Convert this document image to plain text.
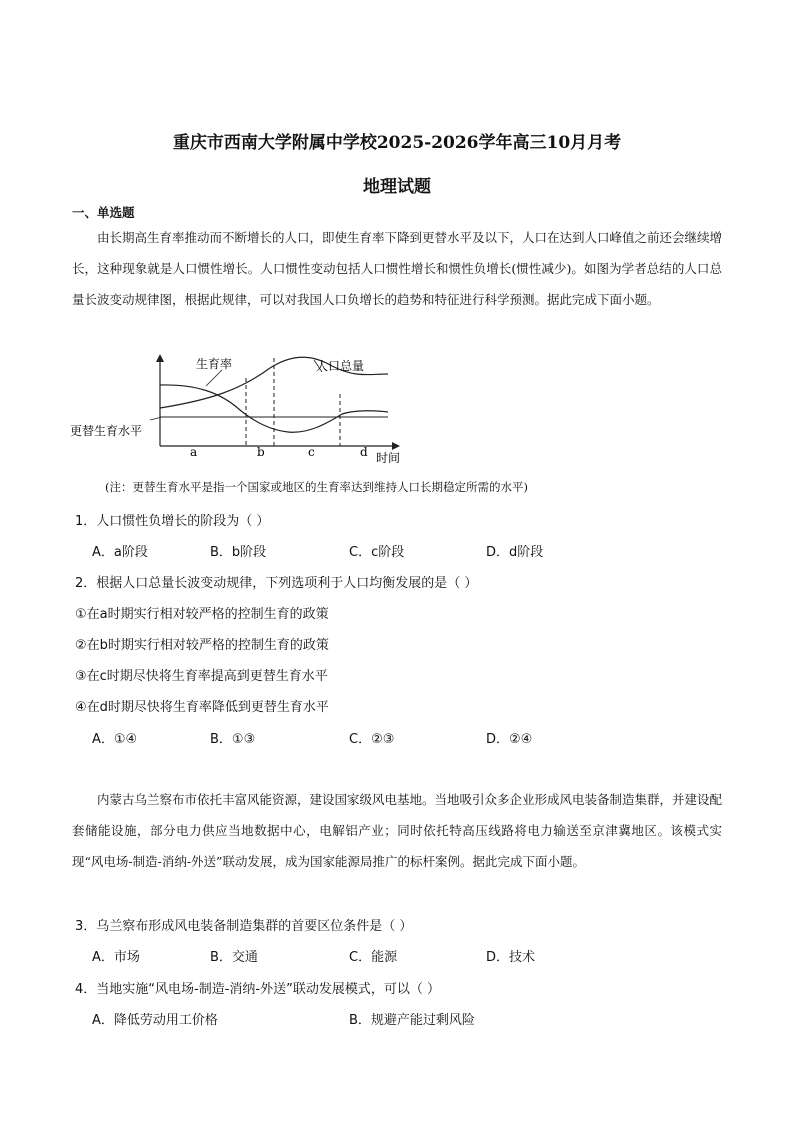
重庆市西南大学附属中学校2025-2026学年高三10月月考
地理试题
一、单选题
由长期高生育率推动而不断增长的人口，即使生育率下降到更替水平及以下，人口在达到人口峰值之前还会继续增长，这种现象就是人口惯性增长。人口惯性变动包括人口惯性增长和惯性负增长(惯性减少)。如图为学者总结的人口总量长波变动规律图，根据此规律，可以对我国人口负增长的趋势和特征进行科学预测。据此完成下面小题。
生育率	人口总量
更替生育水平
a	b	c	d 时间
(注：更替生育水平是指一个国家或地区的生育率达到维持人口长期稳定所需的水平)
1．人口惯性负增长的阶段为（ ）
A．a阶段	B．b阶段	C．c阶段	D．d阶段
2．根据人口总量长波变动规律，下列选项利于人口均衡发展的是（ ）
①在a时期实行相对较严格的控制生育的政策
②在b时期实行相对较严格的控制生育的政策
③在c时期尽快将生育率提高到更替生育水平
④在d时期尽快将生育率降低到更替生育水平
A．①④	B．①③	C．②③	D．②④
内蒙古乌兰察布市依托丰富风能资源，建设国家级风电基地。当地吸引众多企业形成风电装备制造集群，并建设配套储能设施，部分电力供应当地数据中心，电解铝产业；同时依托特高压线路将电力输送至京津冀地区。该模式实现“风电场-制造-消纳-外送”联动发展，成为国家能源局推广的标杆案例。据此完成下面小题。
3．乌兰察布形成风电装备制造集群的首要区位条件是（ ）
A．市场	B．交通	C．能源	D．技术
4．当地实施“风电场-制造-消纳-外送”联动发展模式，可以（ ）
A．降低劳动用工价格	B．规避产能过剩风险
